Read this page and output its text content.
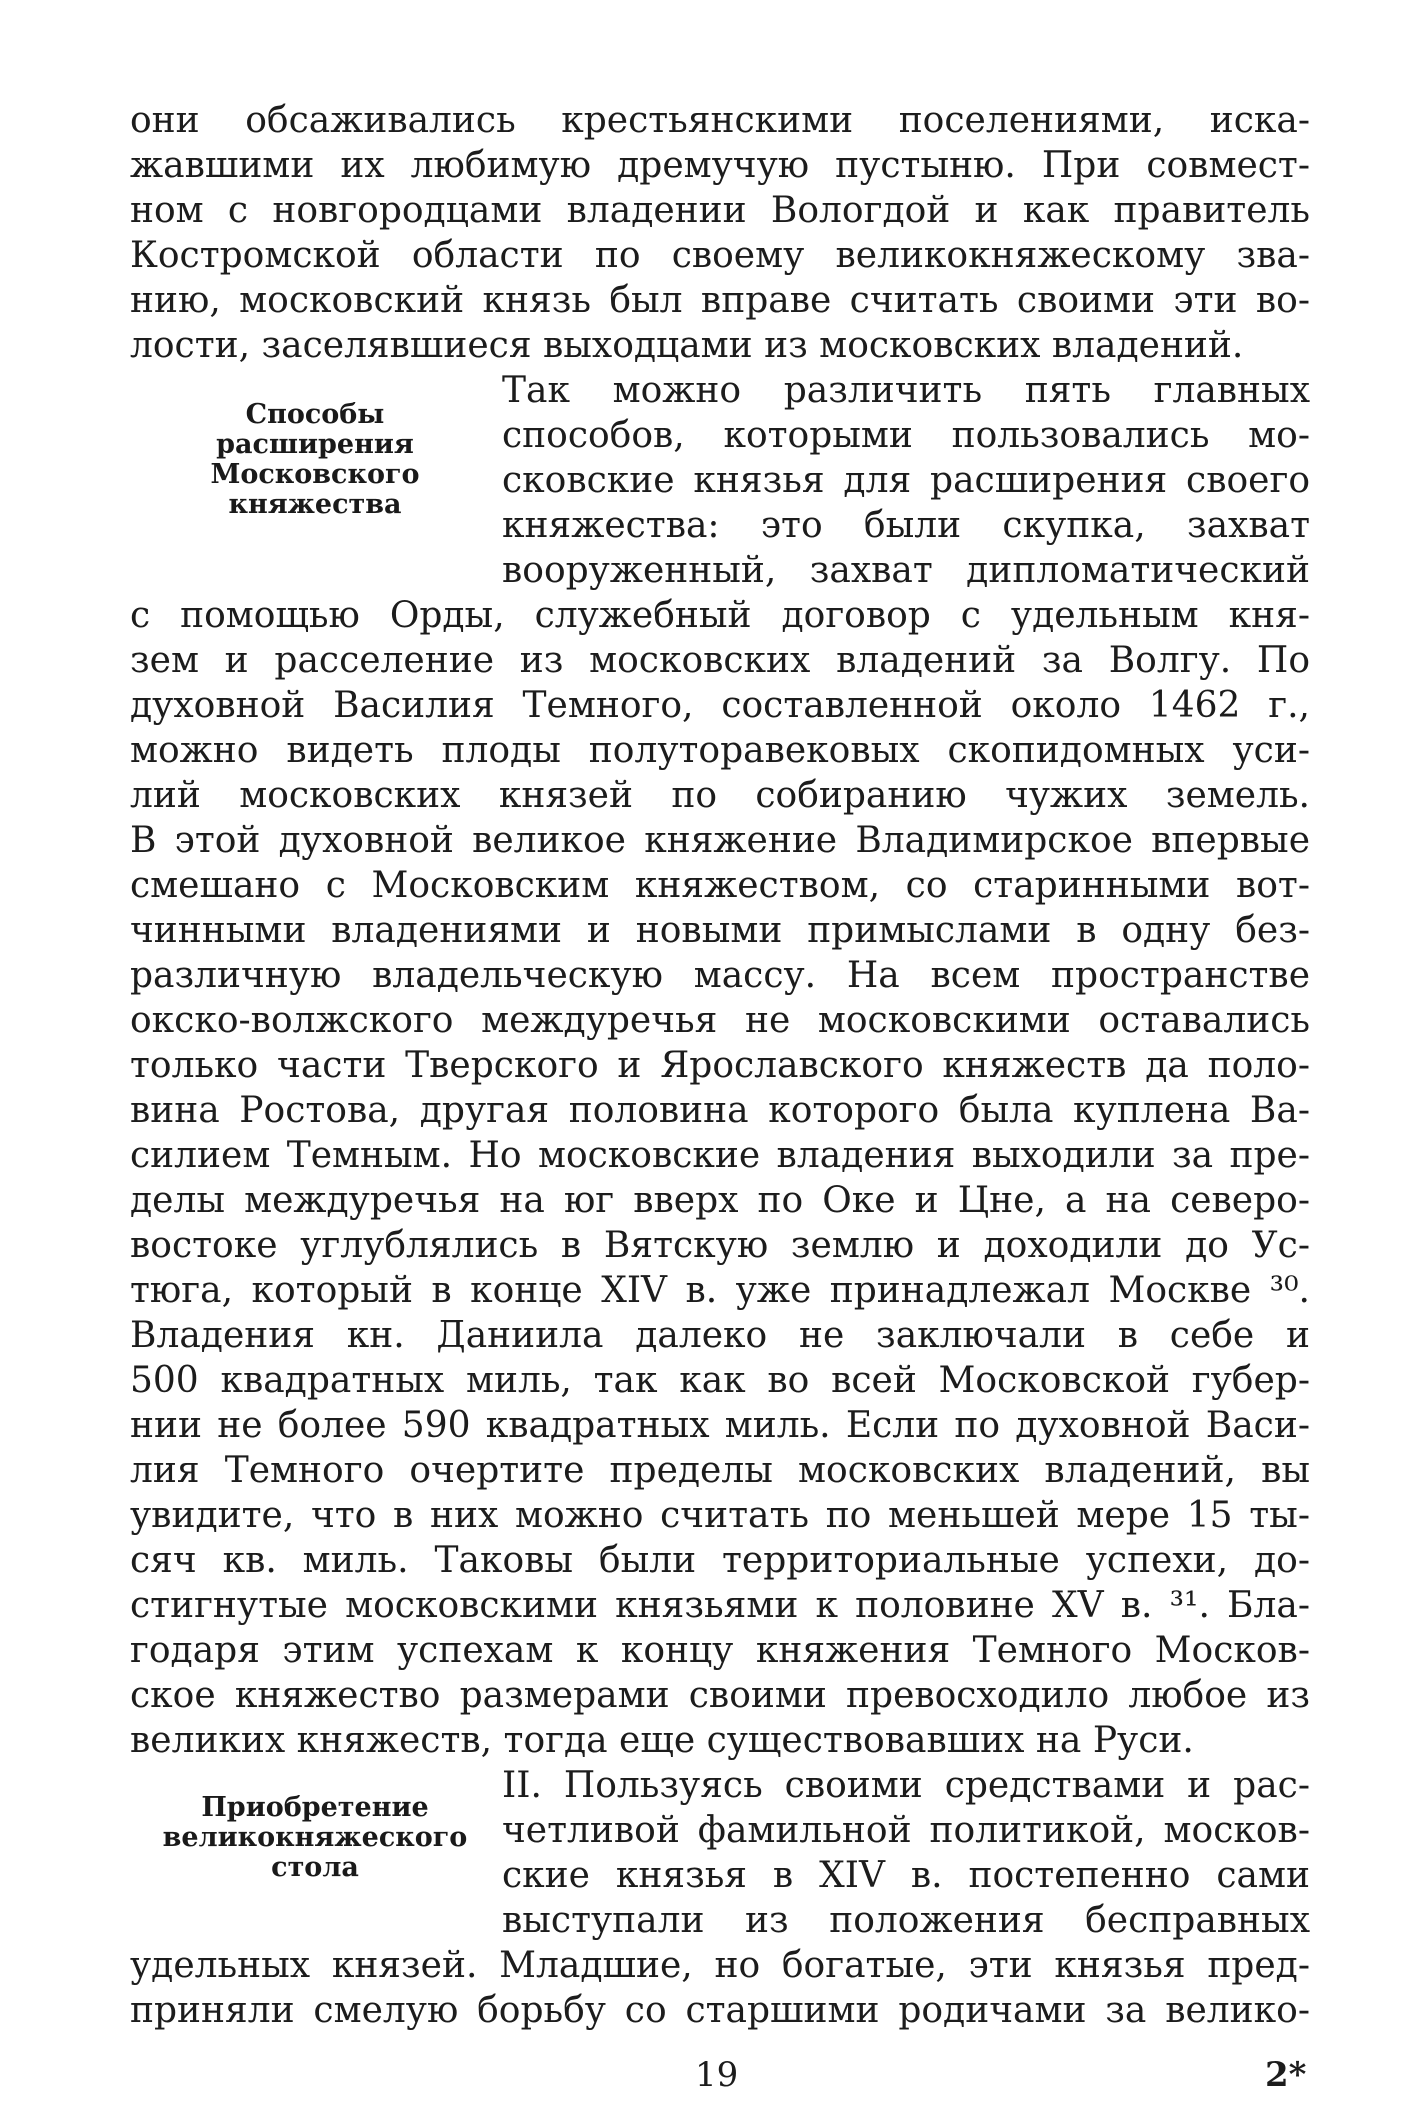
они обсаживались крестьянскими поселениями, иска-
жавшими их любимую дремучую пустыню. При совмест-
ном с новгородцами владении Вологдой и как правитель
Костромской области по своему великокняжескому зва-
нию, московский князь был вправе считать своими эти во-
лости, заселявшиеся выходцами из московских владений.
Способы
расширения
Московского
княжества
Так можно различить пять главных
способов, которыми пользовались мо-
сковские князья для расширения своего
княжества: это были скупка, захват
вооруженный, захват дипломатический
с помощью Орды, служебный договор с удельным кня-
зем и расселение из московских владений за Волгу. По
духовной Василия Темного, составленной около 1462 г.,
можно видеть плоды полуторавековых скопидомных уси-
лий московских князей по собиранию чужих земель.
В этой духовной великое княжение Владимирское впервые
смешано с Московским княжеством, со старинными вот-
чинными владениями и новыми примыслами в одну без-
различную владельческую массу. На всем пространстве
окско-волжского междуречья не московскими оставались
только части Тверского и Ярославского княжеств да поло-
вина Ростова, другая половина которого была куплена Ва-
силием Темным. Но московские владения выходили за пре-
делы междуречья на юг вверх по Оке и Цне, а на северо-
востоке углублялись в Вятскую землю и доходили до Ус-
тюга, который в конце XIV в. уже принадлежал Москве ³⁰.
Владения кн. Даниила далеко не заключали в себе и
500 квадратных миль, так как во всей Московской губер-
нии не более 590 квадратных миль. Если по духовной Васи-
лия Темного очертите пределы московских владений, вы
увидите, что в них можно считать по меньшей мере 15 ты-
сяч кв. миль. Таковы были территориальные успехи, до-
стигнутые московскими князьями к половине XV в. ³¹. Бла-
годаря этим успехам к концу княжения Темного Москов-
ское княжество размерами своими превосходило любое из
великих княжеств, тогда еще существовавших на Руси.
Приобретение
великокняжеского
стола
II. Пользуясь своими средствами и рас-
четливой фамильной политикой, москов-
ские князья в XIV в. постепенно сами
выступали из положения бесправных
удельных князей. Младшие, но богатые, эти князья пред-
приняли смелую борьбу со старшими родичами за велико-
19	2*
